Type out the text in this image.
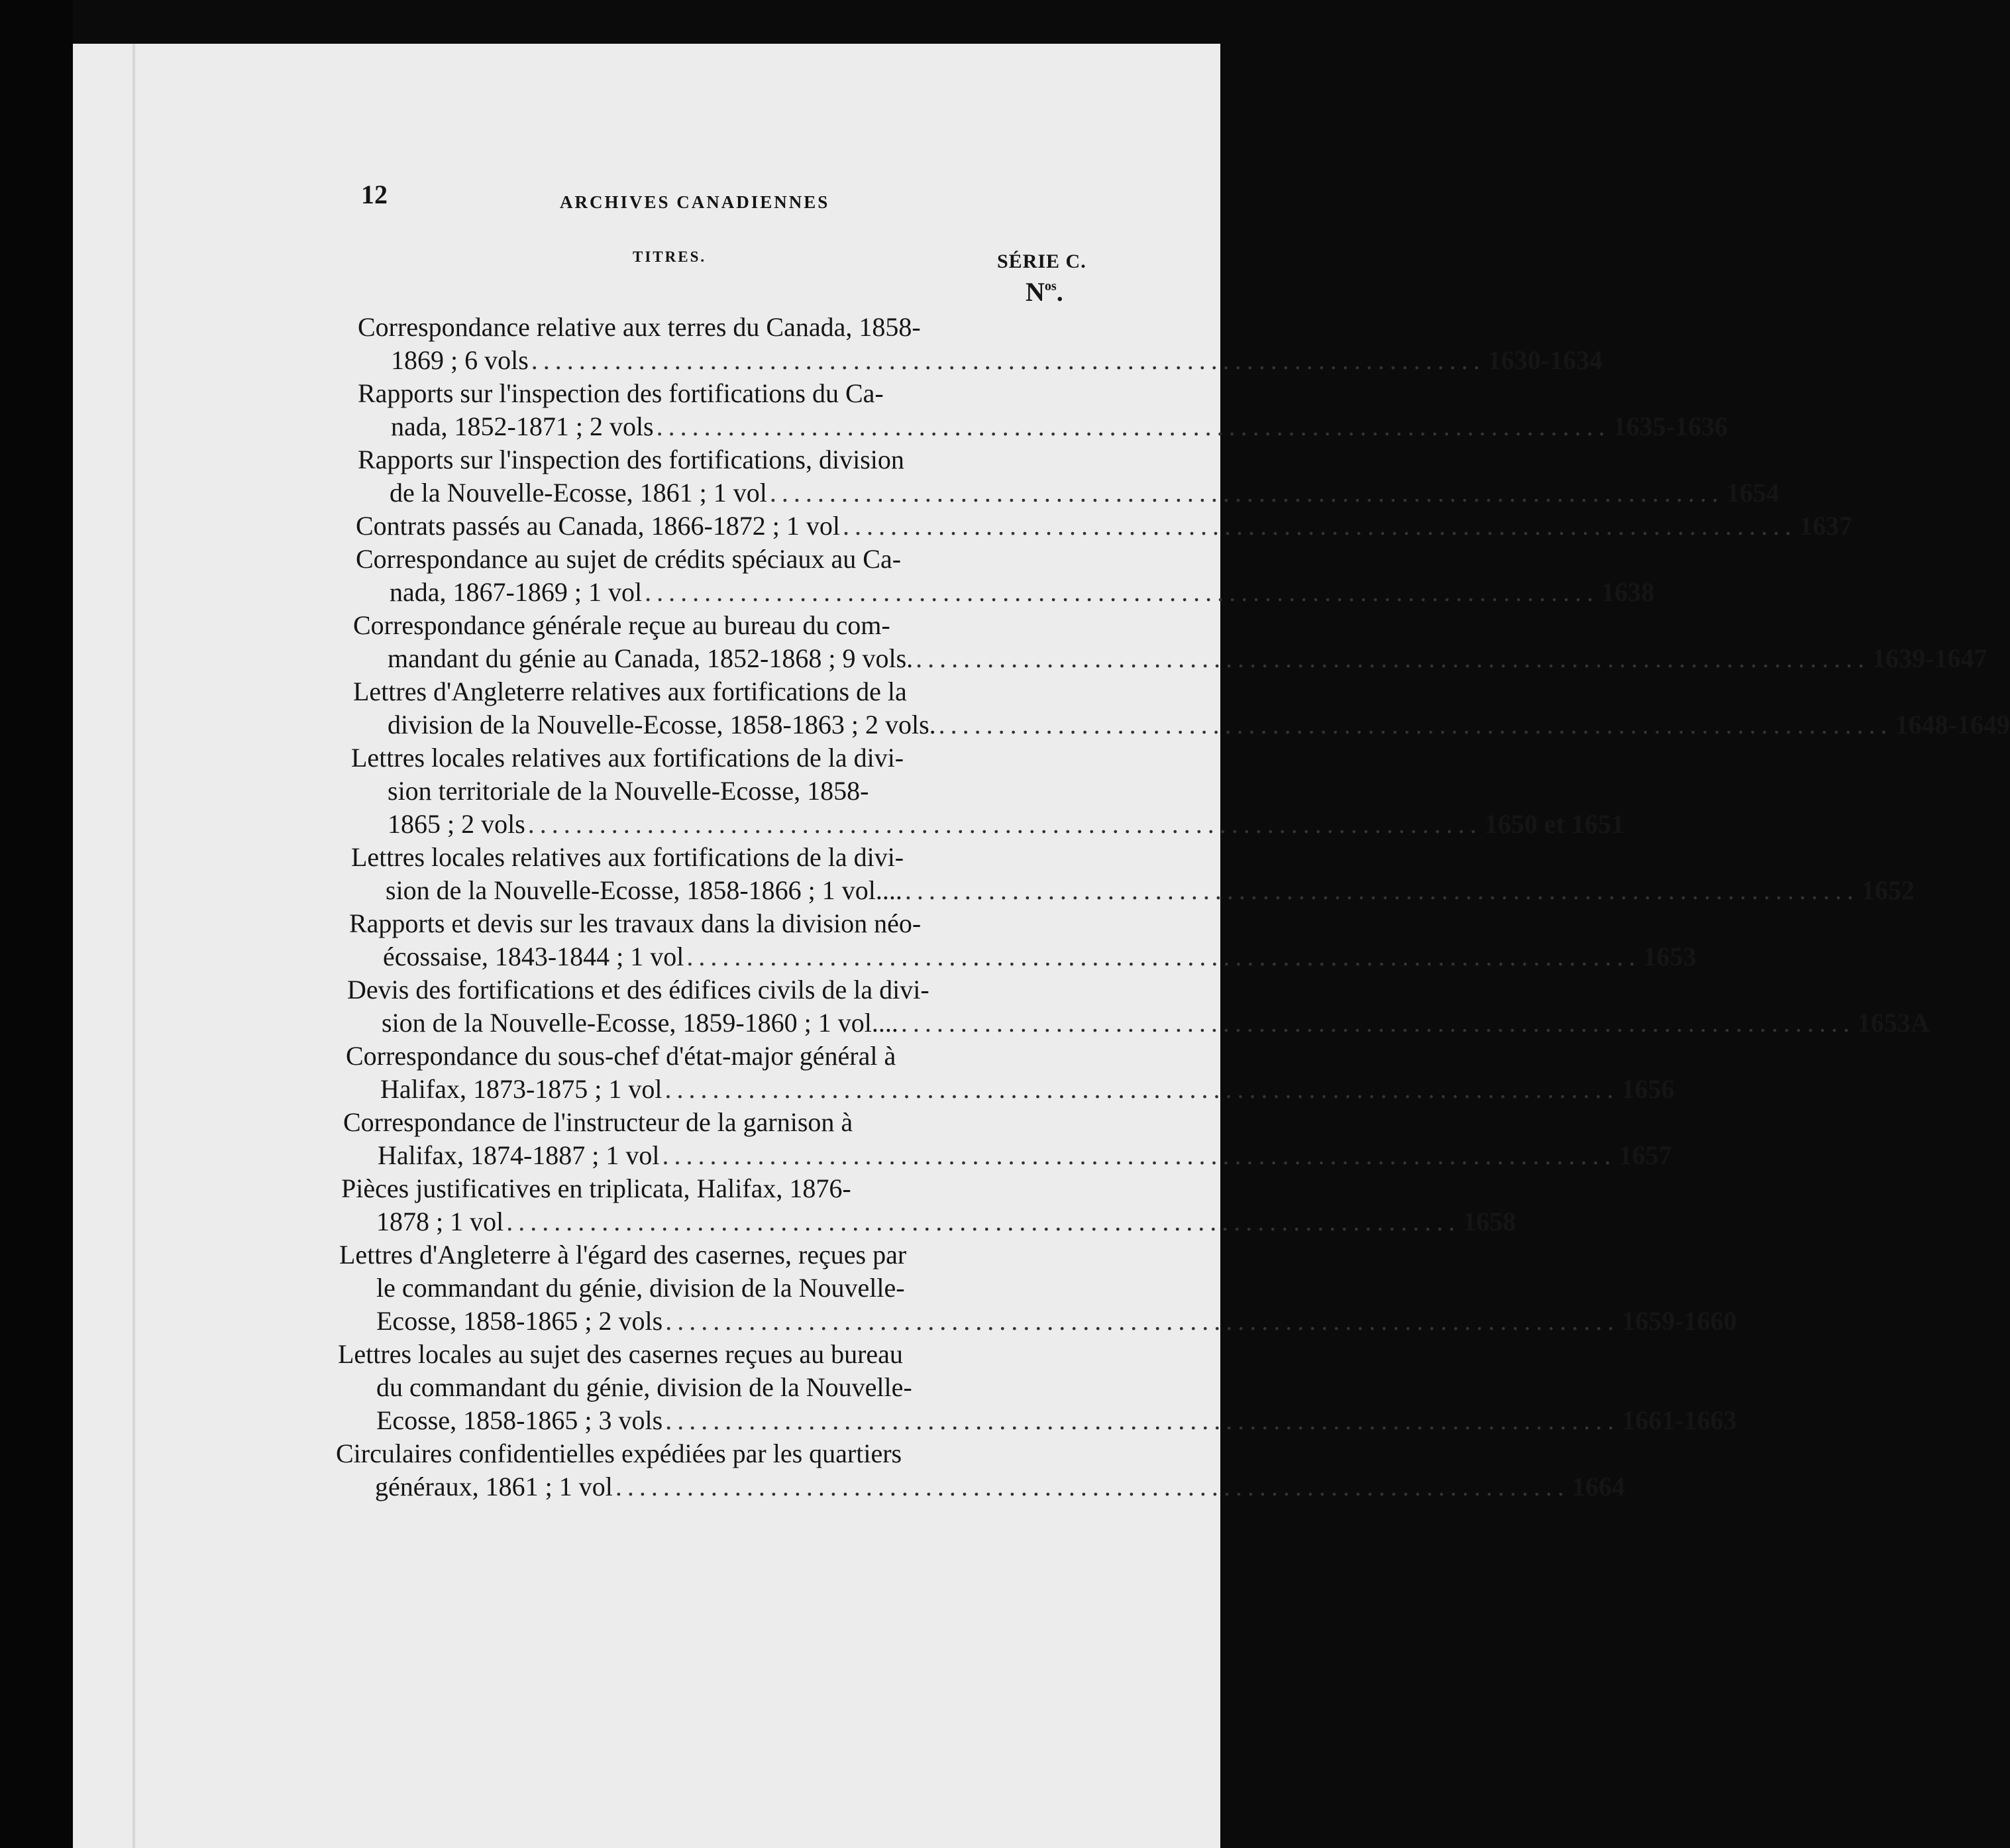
12	ARCHIVES CANADIENNES
TITRES.	SÉRIE C.
$N^{os}$.
Correspondance relative aux terres du Canada, 1858-
1869 ; 6 vols ................................................................................ 1630-1634
Rapports sur l'inspection des fortifications du Ca-
nada, 1852-1871 ; 2 vols ................................................................................ 1635-1636
Rapports sur l'inspection des fortifications, division
de la Nouvelle-Ecosse, 1861 ; 1 vol ................................................................................ 1654
Contrats passés au Canada, 1866-1872 ; 1 vol ................................................................................ 1637
Correspondance au sujet de crédits spéciaux au Ca-
nada, 1867-1869 ; 1 vol ................................................................................ 1638
Correspondance générale reçue au bureau du com-
mandant du génie au Canada, 1852-1868 ; 9 vols. ................................................................................ 1639-1647
Lettres d'Angleterre relatives aux fortifications de la
division de la Nouvelle-Ecosse, 1858-1863 ; 2 vols. ................................................................................ 1648-1649
Lettres locales relatives aux fortifications de la divi-
sion territoriale de la Nouvelle-Ecosse, 1858-
1865 ; 2 vols ................................................................................ 1650 et 1651
Lettres locales relatives aux fortifications de la divi-
sion de la Nouvelle-Ecosse, 1858-1866 ; 1 vol.... ................................................................................ 1652
Rapports et devis sur les travaux dans la division néo-
écossaise, 1843-1844 ; 1 vol ................................................................................ 1653
Devis des fortifications et des édifices civils de la divi-
sion de la Nouvelle-Ecosse, 1859-1860 ; 1 vol.... ................................................................................ 1653A
Correspondance du sous-chef d'état-major général à
Halifax, 1873-1875 ; 1 vol ................................................................................ 1656
Correspondance de l'instructeur de la garnison à
Halifax, 1874-1887 ; 1 vol ................................................................................ 1657
Pièces justificatives en triplicata, Halifax, 1876-
1878 ; 1 vol ................................................................................ 1658
Lettres d'Angleterre à l'égard des casernes, reçues par
le commandant du génie, division de la Nouvelle-
Ecosse, 1858-1865 ; 2 vols ................................................................................ 1659-1660
Lettres locales au sujet des casernes reçues au bureau
du commandant du génie, division de la Nouvelle-
Ecosse, 1858-1865 ; 3 vols ................................................................................ 1661-1663
Circulaires confidentielles expédiées par les quartiers
généraux, 1861 ; 1 vol ................................................................................ 1664
